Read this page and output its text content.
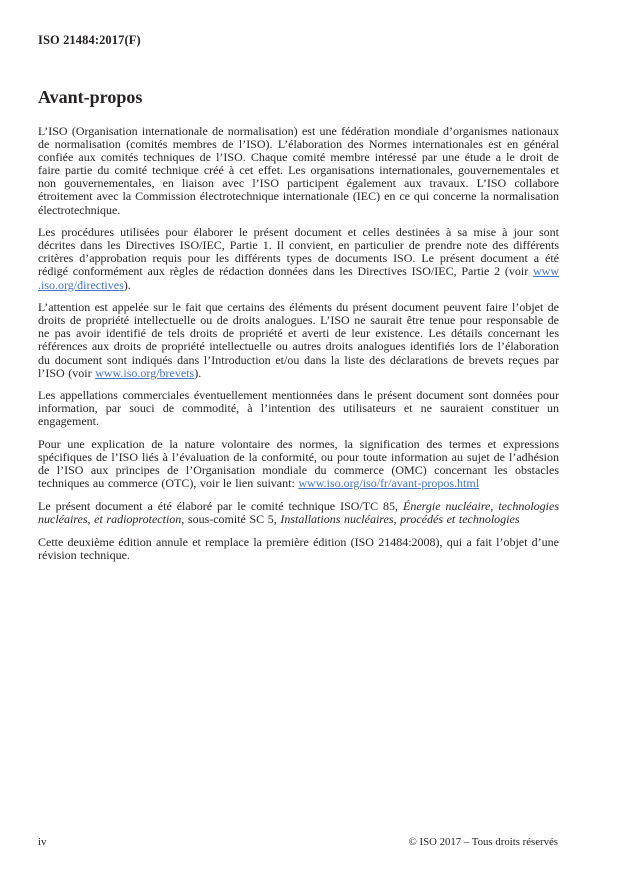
ISO 21484:2017(F)
Avant-propos

L’ISO (Organisation internationale de normalisation) est une fédération mondiale d’organismes nationaux de normalisation (comités membres de l’ISO). L’élaboration des Normes internationales est en général confiée aux comités techniques de l’ISO. Chaque comité membre intéressé par une étude a le droit de faire partie du comité technique créé à cet effet. Les organisations internationales, gouvernementales et non gouvernementales, en liaison avec l’ISO participent également aux travaux. L’ISO collabore étroitement avec la Commission électrotechnique internationale (IEC) en ce qui concerne la normalisation électrotechnique.

Les procédures utilisées pour élaborer le présent document et celles destinées à sa mise à jour sont décrites dans les Directives ISO/IEC, Partie 1. Il convient, en particulier de prendre note des différents critères d’approbation requis pour les différents types de documents ISO. Le présent document a été rédigé conformément aux règles de rédaction données dans les Directives ISO/IEC, Partie 2 (voir www .iso.org/directives).

L’attention est appelée sur le fait que certains des éléments du présent document peuvent faire l’objet de droits de propriété intellectuelle ou de droits analogues. L’ISO ne saurait être tenue pour responsable de ne pas avoir identifié de tels droits de propriété et averti de leur existence. Les détails concernant les références aux droits de propriété intellectuelle ou autres droits analogues identifiés lors de l’élaboration du document sont indiqués dans l’Introduction et/ou dans la liste des déclarations de brevets reçues par l’ISO (voir www.iso.org/brevets).

Les appellations commerciales éventuellement mentionnées dans le présent document sont données pour information, par souci de commodité, à l’intention des utilisateurs et ne sauraient constituer un engagement.

Pour une explication de la nature volontaire des normes, la signification des termes et expressions spécifiques de l’ISO liés à l’évaluation de la conformité, ou pour toute information au sujet de l’adhésion de l’ISO aux principes de l’Organisation mondiale du commerce (OMC) concernant les obstacles techniques au commerce (OTC), voir le lien suivant: www.iso.org/iso/fr/avant-propos.html

Le présent document a été élaboré par le comité technique ISO/TC 85, Énergie nucléaire, technologies nucléaires, et radioprotection, sous-comité SC 5, Installations nucléaires, procédés et technologies

Cette deuxième édition annule et remplace la première édition (ISO 21484:2008), qui a fait l’objet d’une révision technique.

iv	© ISO 2017 – Tous droits réservés
